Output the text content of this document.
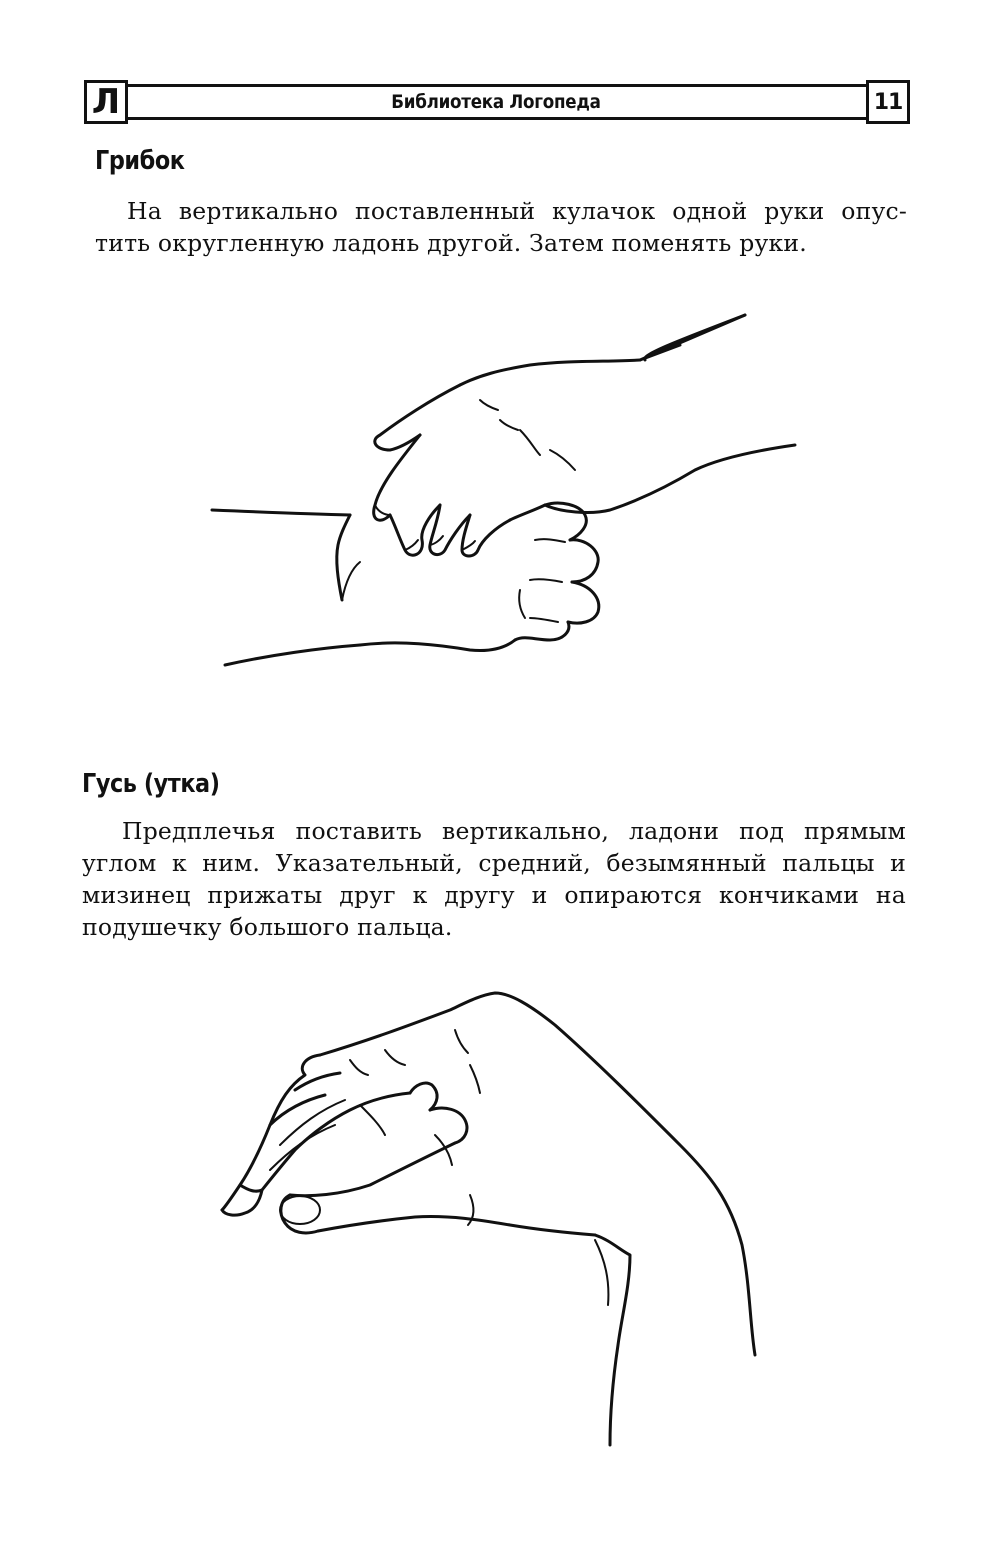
Л	Библиотека Логопеда	11
Грибок
На вертикально поставленный кулачок одной руки опус-
тить округленную ладонь другой. Затем поменять руки.
Гусь (утка)
Предплечья поставить вертикально, ладони под прямым
углом к ним. Указательный, средний, безымянный пальцы и
мизинец прижаты друг к другу и опираются кончиками на
подушечку большого пальца.
